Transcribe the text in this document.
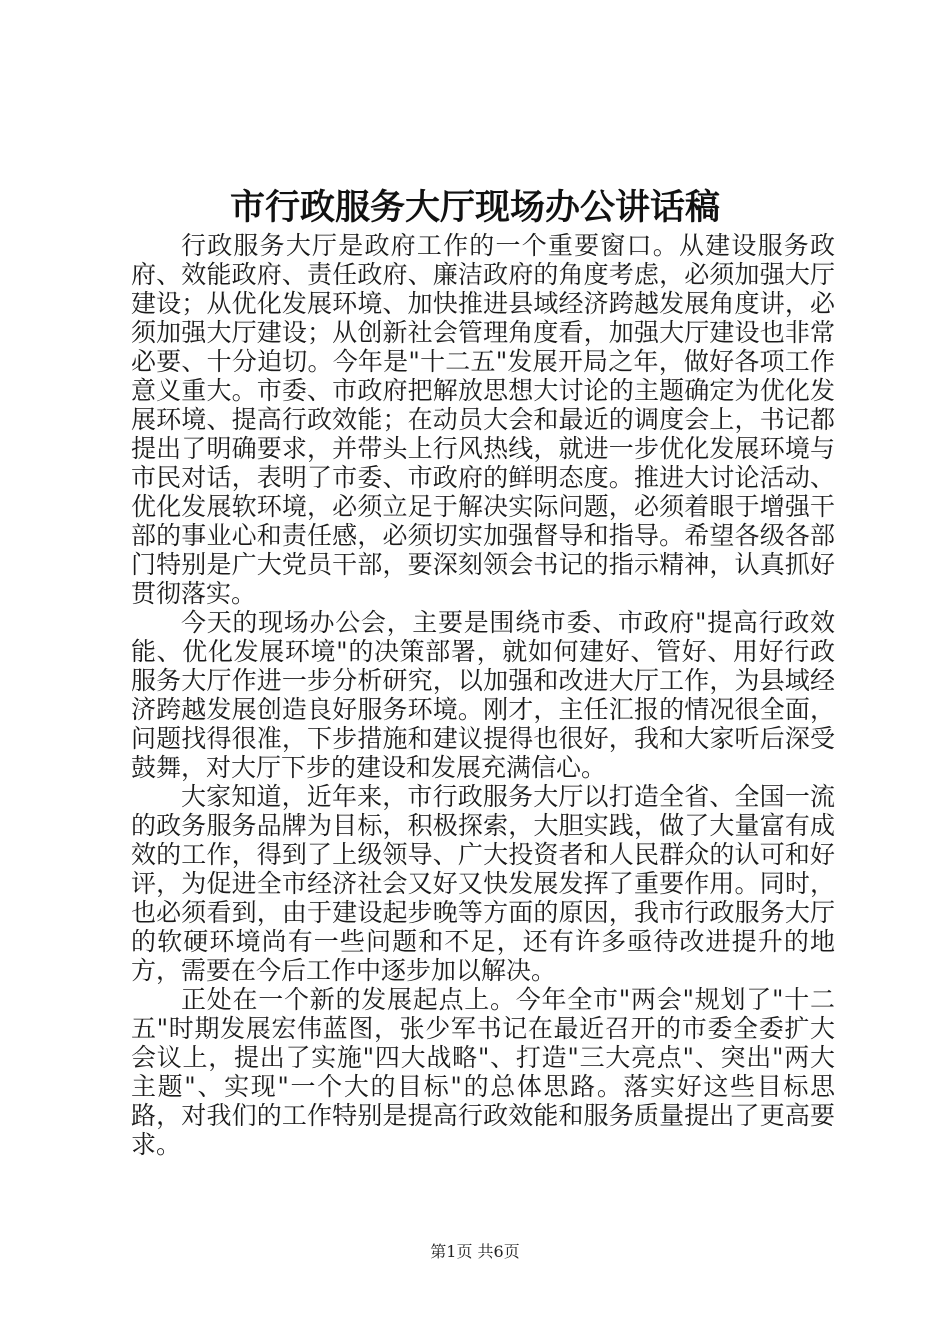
市行政服务大厅现场办公讲话稿

行政服务大厅是政府工作的一个重要窗口。从建设服务政府、效能政府、责任政府、廉洁政府的角度考虑，必须加强大厅建设；从优化发展环境、加快推进县域经济跨越发展角度讲，必须加强大厅建设；从创新社会管理角度看，加强大厅建设也非常必要、十分迫切。今年是"十二五"发展开局之年，做好各项工作意义重大。市委、市政府把解放思想大讨论的主题确定为优化发展环境、提高行政效能；在动员大会和最近的调度会上，书记都提出了明确要求，并带头上行风热线，就进一步优化发展环境与市民对话，表明了市委、市政府的鲜明态度。推进大讨论活动、优化发展软环境，必须立足于解决实际问题，必须着眼于增强干部的事业心和责任感，必须切实加强督导和指导。希望各级各部门特别是广大党员干部，要深刻领会书记的指示精神，认真抓好贯彻落实。

今天的现场办公会，主要是围绕市委、市政府"提高行政效能、优化发展环境"的决策部署，就如何建好、管好、用好行政服务大厅作进一步分析研究，以加强和改进大厅工作，为县域经济跨越发展创造良好服务环境。刚才，主任汇报的情况很全面，问题找得很准，下步措施和建议提得也很好，我和大家听后深受鼓舞，对大厅下步的建设和发展充满信心。

大家知道，近年来，市行政服务大厅以打造全省、全国一流的政务服务品牌为目标，积极探索，大胆实践，做了大量富有成效的工作，得到了上级领导、广大投资者和人民群众的认可和好评，为促进全市经济社会又好又快发展发挥了重要作用。同时，也必须看到，由于建设起步晚等方面的原因，我市行政服务大厅的软硬环境尚有一些问题和不足，还有许多亟待改进提升的地方，需要在今后工作中逐步加以解决。

正处在一个新的发展起点上。今年全市"两会"规划了"十二五"时期发展宏伟蓝图，张少军书记在最近召开的市委全委扩大会议上，提出了实施"四大战略"、打造"三大亮点"、突出"两大主题"、实现"一个大的目标"的总体思路。落实好这些目标思路，对我们的工作特别是提高行政效能和服务质量提出了更高要求。

第1页 共6页
